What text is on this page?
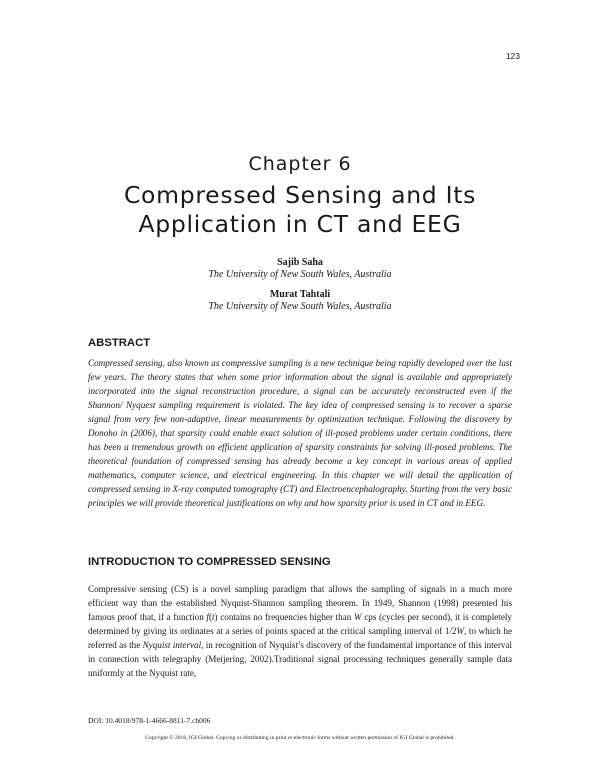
123
Chapter 6
Compressed Sensing and Its
Application in CT and EEG
Sajib Saha
The University of New South Wales, Australia
Murat Tahtali
The University of New South Wales, Australia
ABSTRACT
Compressed sensing, also known as compressive sampling is a new technique being rapidly developed over the last few years. The theory states that when some prior information about the signal is available and appropriately incorporated into the signal reconstruction procedure, a signal can be accurately reconstructed even if the Shannon/ Nyquest sampling requirement is violated. The key idea of compressed sensing is to recover a sparse signal from very few non-adaptive, linear measurements by optimization technique. Following the discovery by Donoho in (2006), that sparsity could enable exact solution of ill-posed problems under certain conditions, there has been a tremendous growth on efficient application of sparsity constraints for solving ill-posed problems. The theoretical foundation of compressed sensing has already become a key concept in various areas of applied mathematics, computer science, and electrical engineering. In this chapter we will detail the application of compressed sensing in X-ray computed tomography (CT) and Electroencephalography. Starting from the very basic principles we will provide theoretical justifications on why and how sparsity prior is used in CT and in EEG.
INTRODUCTION TO COMPRESSED SENSING
Compressive sensing (CS) is a novel sampling paradigm that allows the sampling of signals in a much more efficient way than the established Nyquist-Shannon sampling theorem. In 1949, Shannon (1998) presented his famous proof that, if a function f(t) contains no frequencies higher than W cps (cycles per second), it is completely determined by giving its ordinates at a series of points spaced at the critical sampling interval of 1/2W, to which he referred as the Nyquist interval, in recognition of Nyquist’s discovery of the fundamental importance of this interval in connection with telegraphy (Meijering, 2002).Traditional signal processing techniques generally sample data uniformly at the Nyquist rate,
DOI: 10.4018/978-1-4666-8811-7.ch006
Copyright © 2016, IGI Global. Copying or distributing in print or electronic forms without written permission of IGI Global is prohibited.
